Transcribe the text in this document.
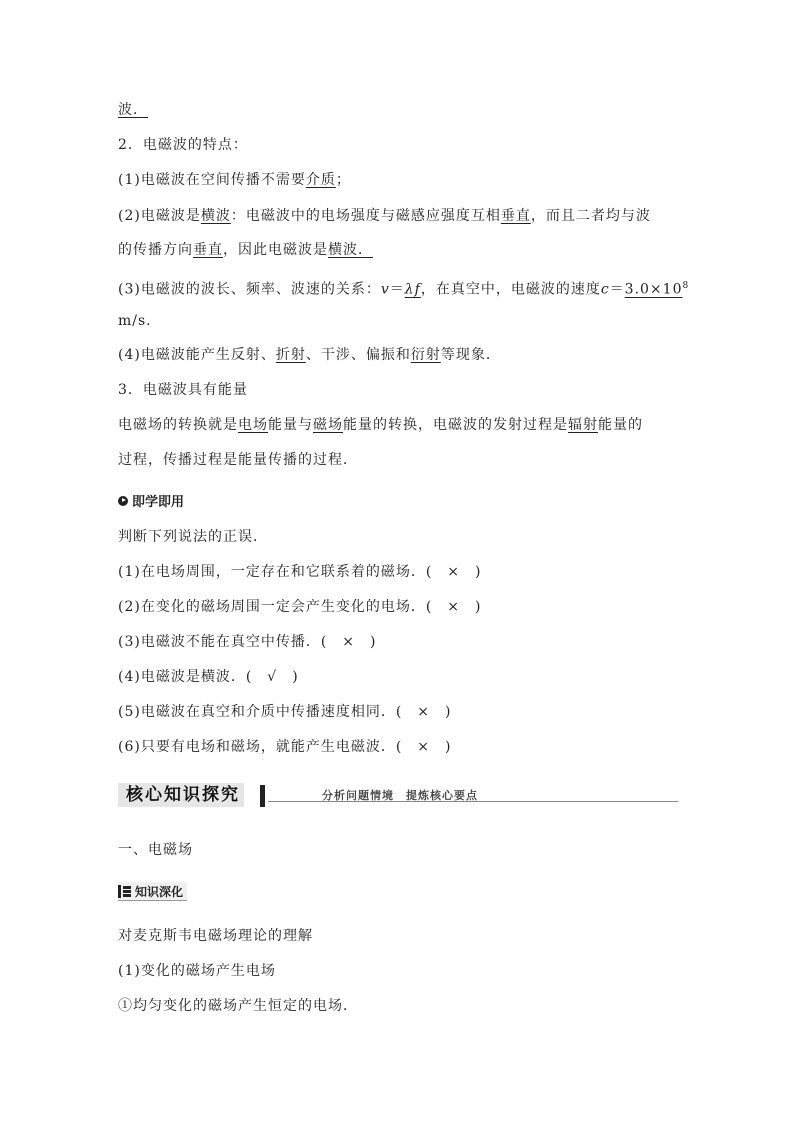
波．
2．电磁波的特点：
(1)电磁波在空间传播不需要介质；
(2)电磁波是横波：电磁波中的电场强度与磁感应强度互相垂直，而且二者均与波
的传播方向垂直，因此电磁波是横波．
(3)电磁波的波长、频率、波速的关系：v＝λf，在真空中，电磁波的速度$c=3.0\times 10^8$
m/s.
(4)电磁波能产生反射、折射、干涉、偏振和衍射等现象．
3．电磁波具有能量
电磁场的转换就是电场能量与磁场能量的转换，电磁波的发射过程是辐射能量的
过程，传播过程是能量传播的过程．
即学即用
判断下列说法的正误．
(1)在电场周围，一定存在和它联系着的磁场．(　×　)
(2)在变化的磁场周围一定会产生变化的电场．(　×　)
(3)电磁波不能在真空中传播．(　×　)
(4)电磁波是横波．(　√　)
(5)电磁波在真空和介质中传播速度相同．(　×　)
(6)只要有电场和磁场，就能产生电磁波．(　×　)
核心知识探究	分析问题情境　提炼核心要点
一、电磁场
知识深化
对麦克斯韦电磁场理论的理解
(1)变化的磁场产生电场
①均匀变化的磁场产生恒定的电场．
